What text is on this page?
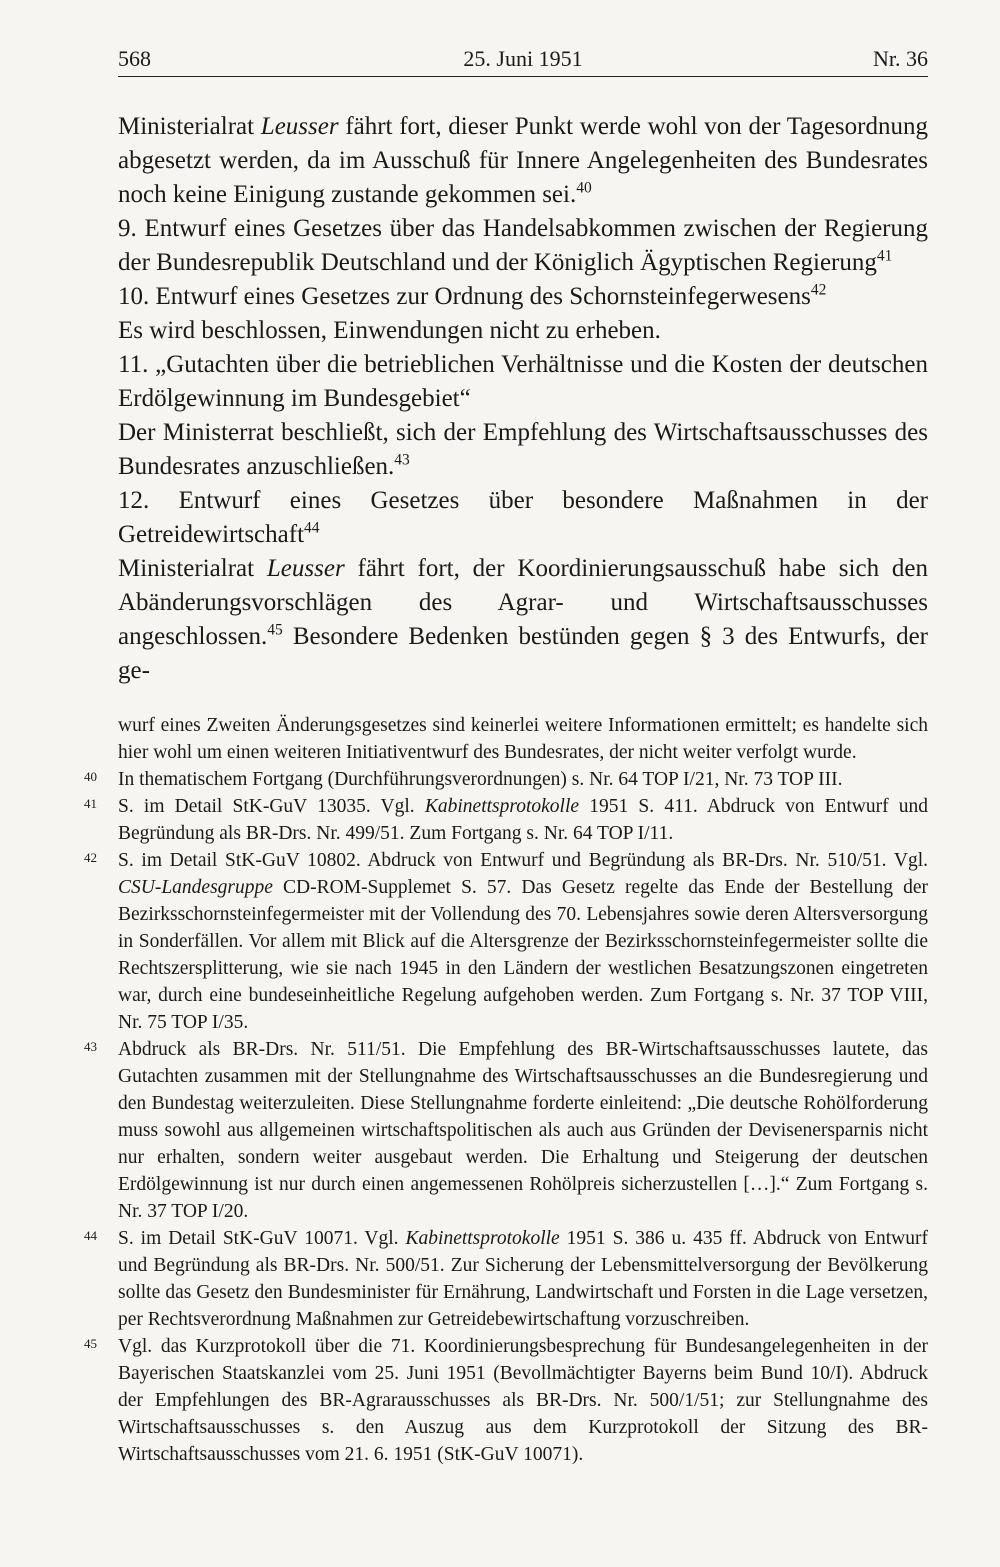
568	25. Juni 1951	Nr. 36

Ministerialrat Leusser fährt fort, dieser Punkt werde wohl von der Tagesordnung abgesetzt werden, da im Ausschuß für Innere Angelegenheiten des Bundesrates noch keine Einigung zustande gekommen sei.$^{40}$

9. Entwurf eines Gesetzes über das Handelsabkommen zwischen der Regierung der Bundesrepublik Deutschland und der Königlich Ägyptischen Regierung$^{41}$

10. Entwurf eines Gesetzes zur Ordnung des Schornsteinfegerwesens$^{42}$

Es wird beschlossen, Einwendungen nicht zu erheben.

11. „Gutachten über die betrieblichen Verhältnisse und die Kosten der deutschen Erdölgewinnung im Bundesgebiet“

Der Ministerrat beschließt, sich der Empfehlung des Wirtschaftsausschusses des Bundesrates anzuschließen.$^{43}$

12. Entwurf eines Gesetzes über besondere Maßnahmen in der Getreidewirtschaft$^{44}$

Ministerialrat Leusser fährt fort, der Koordinierungsausschuß habe sich den Abänderungsvorschlägen des Agrar- und Wirtschaftsausschusses angeschlossen.$^{45}$ Besondere Bedenken bestünden gegen § 3 des Entwurfs, der ge-

wurf eines Zweiten Änderungsgesetzes sind keinerlei weitere Informationen ermittelt; es handelte sich hier wohl um einen weiteren Initiativentwurf des Bundesrates, der nicht weiter verfolgt wurde.

40 In thematischem Fortgang (Durchführungsverordnungen) s. Nr. 64 TOP I/21, Nr. 73 TOP III.
41 S. im Detail StK-GuV 13035. Vgl. Kabinettsprotokolle 1951 S. 411. Abdruck von Entwurf und Begründung als BR-Drs. Nr. 499/51. Zum Fortgang s. Nr. 64 TOP I/11.
42 S. im Detail StK-GuV 10802. Abdruck von Entwurf und Begründung als BR-Drs. Nr. 510/51. Vgl. CSU-Landesgruppe CD-ROM-Supplemet S. 57. Das Gesetz regelte das Ende der Bestellung der Bezirksschornsteinfegermeister mit der Vollendung des 70. Lebensjahres sowie deren Altersversorgung in Sonderfällen. Vor allem mit Blick auf die Altersgrenze der Bezirksschornsteinfegermeister sollte die Rechtszersplitterung, wie sie nach 1945 in den Ländern der westlichen Besatzungszonen eingetreten war, durch eine bundeseinheitliche Regelung aufgehoben werden. Zum Fortgang s. Nr. 37 TOP VIII, Nr. 75 TOP I/35.
43 Abdruck als BR-Drs. Nr. 511/51. Die Empfehlung des BR-Wirtschaftsausschusses lautete, das Gutachten zusammen mit der Stellungnahme des Wirtschaftsausschusses an die Bundesregierung und den Bundestag weiterzuleiten. Diese Stellungnahme forderte einleitend: „Die deutsche Rohölforderung muss sowohl aus allgemeinen wirtschaftspolitischen als auch aus Gründen der Devisenersparnis nicht nur erhalten, sondern weiter ausgebaut werden. Die Erhaltung und Steigerung der deutschen Erdölgewinnung ist nur durch einen angemessenen Rohölpreis sicherzustellen […].“ Zum Fortgang s. Nr. 37 TOP I/20.
44 S. im Detail StK-GuV 10071. Vgl. Kabinettsprotokolle 1951 S. 386 u. 435 ff. Abdruck von Entwurf und Begründung als BR-Drs. Nr. 500/51. Zur Sicherung der Lebensmittelversorgung der Bevölkerung sollte das Gesetz den Bundesminister für Ernährung, Landwirtschaft und Forsten in die Lage versetzen, per Rechtsverordnung Maßnahmen zur Getreidebewirtschaftung vorzuschreiben.
45 Vgl. das Kurzprotokoll über die 71. Koordinierungsbesprechung für Bundesangelegenheiten in der Bayerischen Staatskanzlei vom 25. Juni 1951 (Bevollmächtigter Bayerns beim Bund 10/I). Abdruck der Empfehlungen des BR-Agrarausschusses als BR-Drs. Nr. 500/1/51; zur Stellungnahme des Wirtschaftsausschusses s. den Auszug aus dem Kurzprotokoll der Sitzung des BR-Wirtschaftsausschusses vom 21. 6. 1951 (StK-GuV 10071).
